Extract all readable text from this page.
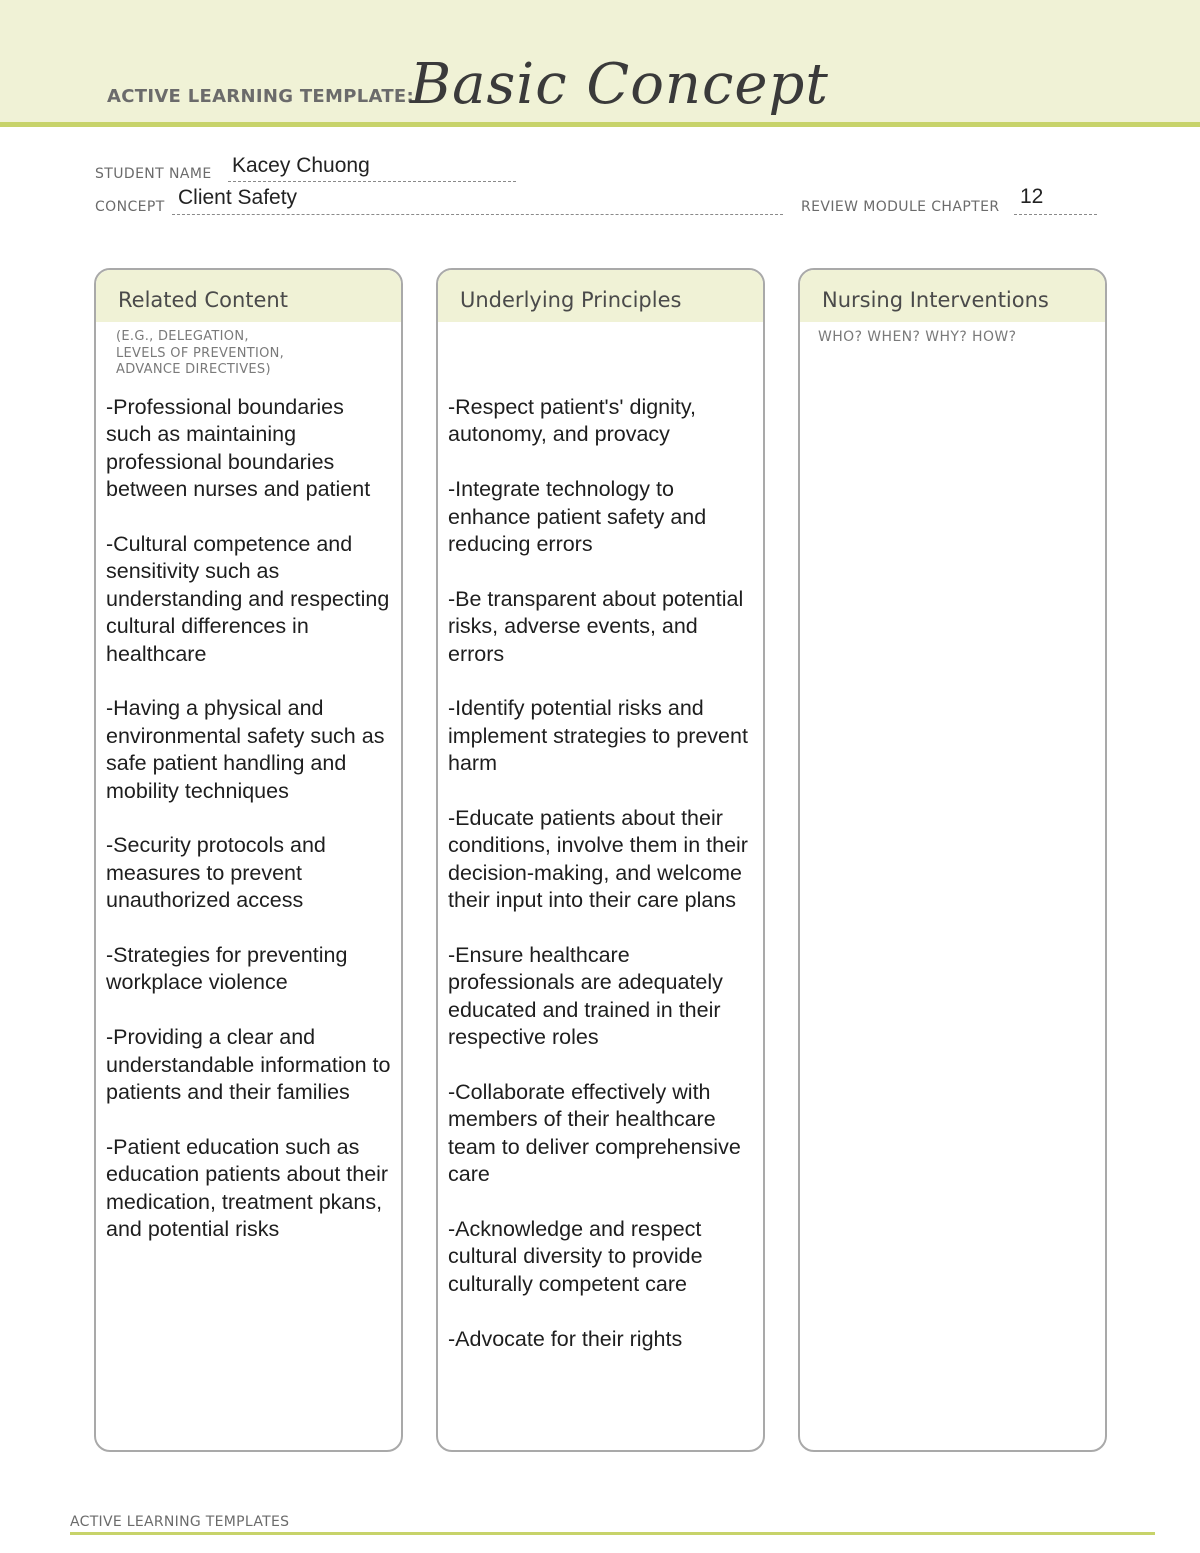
ACTIVE LEARNING TEMPLATE:
Basic Concept
STUDENT NAME Kacey Chuong
CONCEPT Client Safety	REVIEW MODULE CHAPTER 12
Related Content
(E.G., DELEGATION,
LEVELS OF PREVENTION,
ADVANCE DIRECTIVES)
-Professional boundaries such as maintaining professional boundaries between nurses and patient
-Cultural competence and sensitivity such as understanding and respecting cultural differences in healthcare
-Having a physical and environmental safety such as safe patient handling and mobility techniques
-Security protocols and measures to prevent unauthorized access
-Strategies for preventing workplace violence
-Providing a clear and understandable information to patients and their families
-Patient education such as education patients about their medication, treatment pkans, and potential risks
Underlying Principles
-Respect patient's' dignity, autonomy, and provacy
-Integrate technology to enhance patient safety and reducing errors
-Be transparent about potential risks, adverse events, and errors
-Identify potential risks and implement strategies to prevent harm
-Educate patients about their conditions, involve them in their decision-making, and welcome their input into their care plans
-Ensure healthcare professionals are adequately educated and trained in their respective roles
-Collaborate effectively with members of their healthcare team to deliver comprehensive care
-Acknowledge and respect cultural diversity to provide culturally competent care
-Advocate for their rights
Nursing Interventions
WHO? WHEN? WHY? HOW?
ACTIVE LEARNING TEMPLATES
